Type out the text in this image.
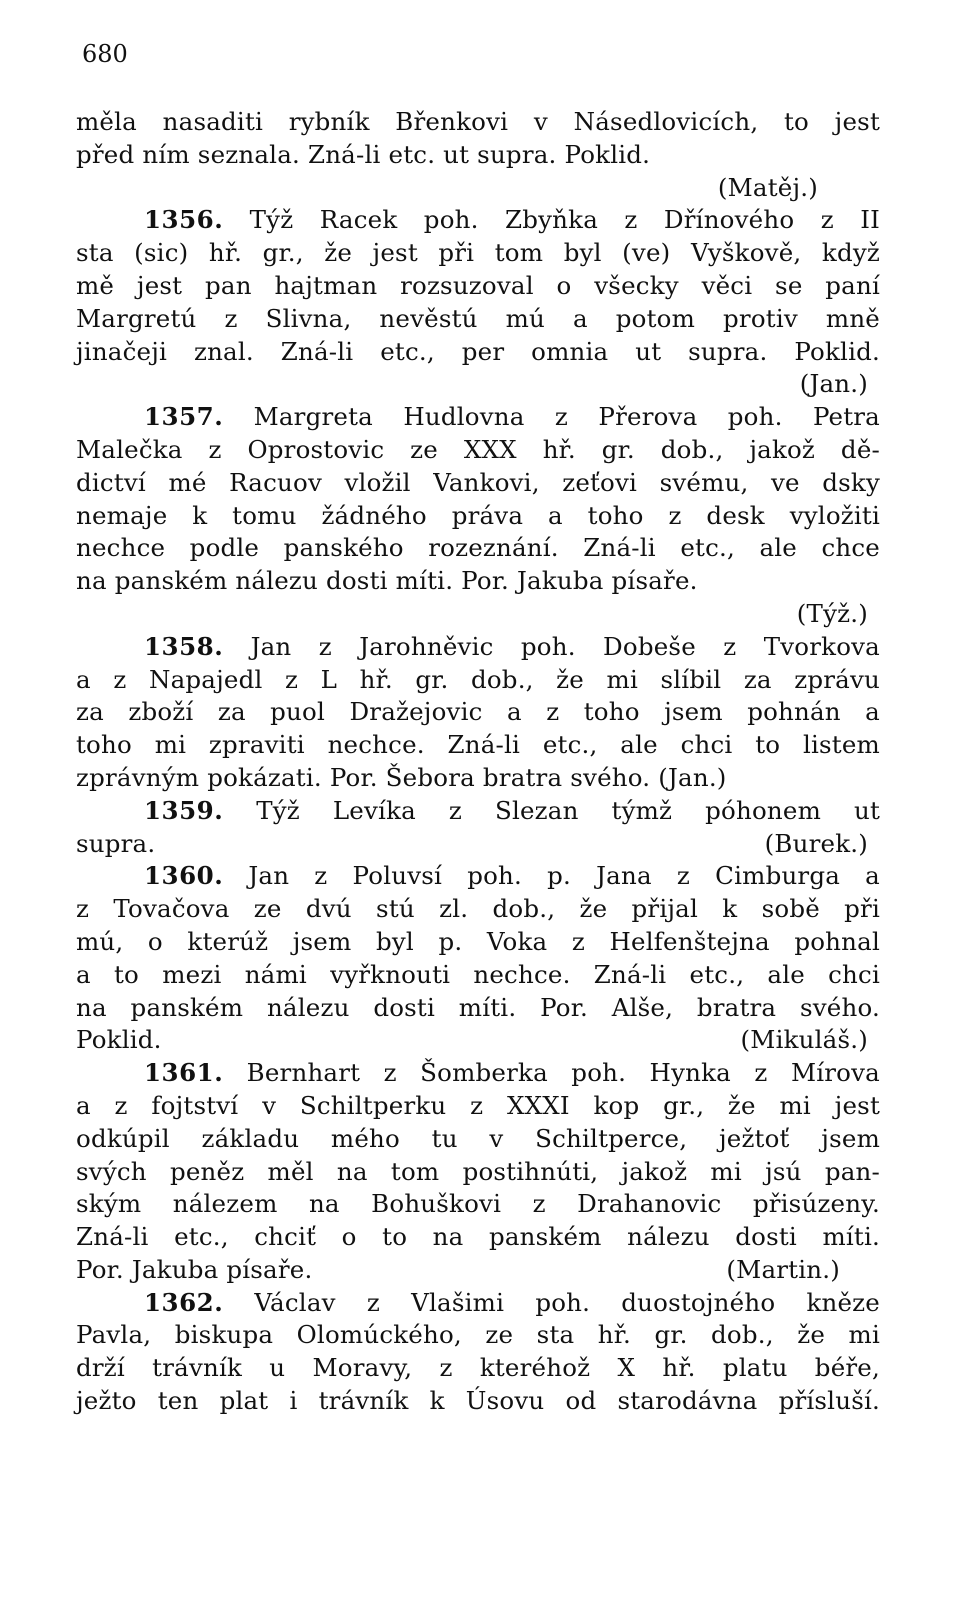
680
měla nasaditi rybník Břenkovi v Násedlovicích, to jest
před ním seznala. Zná-li etc. ut supra. Poklid.
(Matěj.)
1356. Týž Racek poh. Zbyňka z Dřínového z II
sta (sic) hř. gr., že jest při tom byl (ve) Vyškově, když
mě jest pan hajtman rozsuzoval o všecky věci se paní
Margretú z Slivna, nevěstú mú a potom protiv mně
jinačeji znal. Zná-li etc., per omnia ut supra. Poklid.
(Jan.)
1357. Margreta Hudlovna z Přerova poh. Petra
Malečka z Oprostovic ze XXX hř. gr. dob., jakož dě-
dictví mé Racuov vložil Vankovi, zeťovi svému, ve dsky
nemaje k tomu žádného práva a toho z desk vyložiti
nechce podle panského rozeznání. Zná-li etc., ale chce
na panském nálezu dosti míti. Por. Jakuba písaře.
(Týž.)
1358. Jan z Jarohněvic poh. Dobeše z Tvorkova
a z Napajedl z L hř. gr. dob., že mi slíbil za zprávu
za zboží za puol Dražejovic a z toho jsem pohnán a
toho mi zpraviti nechce. Zná-li etc., ale chci to listem
zprávným pokázati. Por. Šebora bratra svého. (Jan.)
1359. Týž Levíka z Slezan týmž póhonem ut
supra.	(Burek.)
1360. Jan z Poluvsí poh. p. Jana z Cimburga a
z Tovačova ze dvú stú zl. dob., že přijal k sobě při
mú, o kterúž jsem byl p. Voka z Helfenštejna pohnal
a to mezi námi vyřknouti nechce. Zná-li etc., ale chci
na panském nálezu dosti míti. Por. Alše, bratra svého.
Poklid.	(Mikuláš.)
1361. Bernhart z Šomberka poh. Hynka z Mírova
a z fojtství v Schiltperku z XXXI kop gr., že mi jest
odkúpil základu mého tu v Schiltperce, ježtoť jsem
svých peněz měl na tom postihnúti, jakož mi jsú pan-
ským nálezem na Bohuškovi z Drahanovic přisúzeny.
Zná-li etc., chciť o to na panském nálezu dosti míti.
Por. Jakuba písaře.	(Martin.)
1362. Václav z Vlašimi poh. duostojného kněze
Pavla, biskupa Olomúckého, ze sta hř. gr. dob., že mi
drží trávník u Moravy, z kteréhož X hř. platu béře,
ježto ten plat i trávník k Úsovu od starodávna přísluší.
